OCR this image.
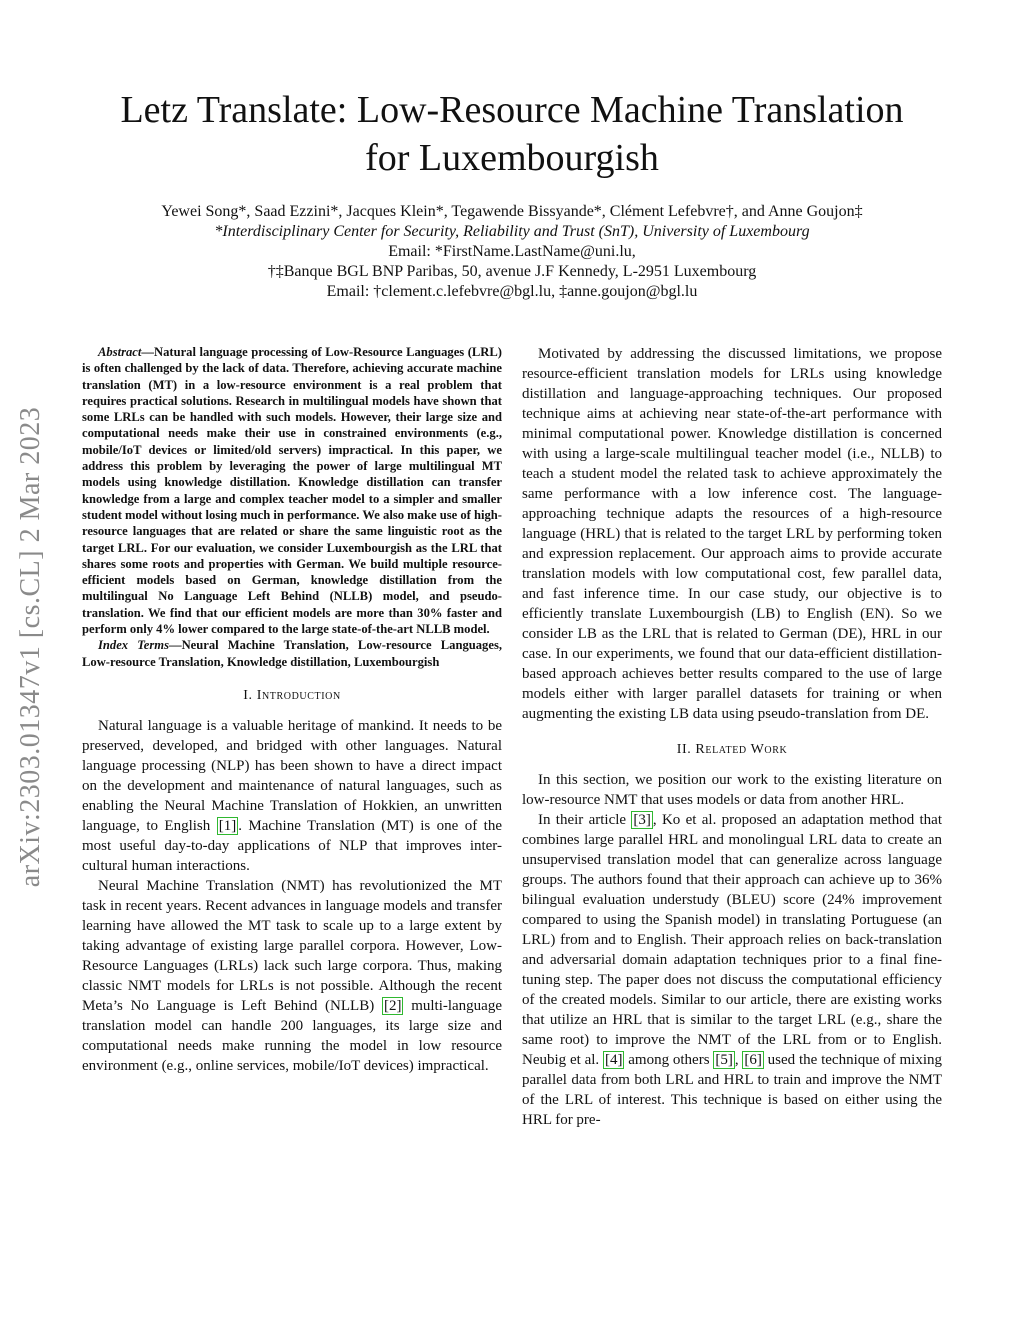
arXiv:2303.01347v1 [cs.CL] 2 Mar 2023
Letz Translate: Low-Resource Machine Translation
for Luxembourgish
Yewei Song*, Saad Ezzini*, Jacques Klein*, Tegawende Bissyande*, Clément Lefebvre†, and Anne Goujon‡
*Interdisciplinary Center for Security, Reliability and Trust (SnT), University of Luxembourg
Email: *FirstName.LastName@uni.lu,
†‡Banque BGL BNP Paribas, 50, avenue J.F Kennedy, L-2951 Luxembourg
Email: †clement.c.lefebvre@bgl.lu, ‡anne.goujon@bgl.lu

Abstract—Natural language processing of Low-Resource Languages (LRL) is often challenged by the lack of data. Therefore, achieving accurate machine translation (MT) in a low-resource environment is a real problem that requires practical solutions. Research in multilingual models have shown that some LRLs can be handled with such models. However, their large size and computational needs make their use in constrained environments (e.g., mobile/IoT devices or limited/old servers) impractical. In this paper, we address this problem by leveraging the power of large multilingual MT models using knowledge distillation. Knowledge distillation can transfer knowledge from a large and complex teacher model to a simpler and smaller student model without losing much in performance. We also make use of high-resource languages that are related or share the same linguistic root as the target LRL. For our evaluation, we consider Luxembourgish as the LRL that shares some roots and properties with German. We build multiple resource-efficient models based on German, knowledge distillation from the multilingual No Language Left Behind (NLLB) model, and pseudo-translation. We find that our efficient models are more than 30% faster and perform only 4% lower compared to the large state-of-the-art NLLB model.

Index Terms—Neural Machine Translation, Low-resource Languages, Low-resource Translation, Knowledge distillation, Luxembourgish

I. Introduction

Natural language is a valuable heritage of mankind. It needs to be preserved, developed, and bridged with other languages. Natural language processing (NLP) has been shown to have a direct impact on the development and maintenance of natural languages, such as enabling the Neural Machine Translation of Hokkien, an unwritten language, to English [1] . Machine Translation (MT) is one of the most useful day-to-day applications of NLP that improves inter-cultural human interactions.

Neural Machine Translation (NMT) has revolutionized the MT task in recent years. Recent advances in language models and transfer learning have allowed the MT task to scale up to a large extent by taking advantage of existing large parallel corpora. However, Low-Resource Languages (LRLs) lack such large corpora. Thus, making classic NMT models for LRLs is not possible. Although the recent Meta’s No Language is Left Behind (NLLB) [2] multi-language translation model can handle 200 languages, its large size and computational needs make running the model in low resource environment (e.g., online services, mobile/IoT devices) impractical.

Motivated by addressing the discussed limitations, we propose resource-efficient translation models for LRLs using knowledge distillation and language-approaching techniques. Our proposed technique aims at achieving near state-of-the-art performance with minimal computational power. Knowledge distillation is concerned with using a large-scale multilingual teacher model (i.e., NLLB) to teach a student model the related task to achieve approximately the same performance with a low inference cost. The language-approaching technique adapts the resources of a high-resource language (HRL) that is related to the target LRL by performing token and expression replacement. Our approach aims to provide accurate translation models with low computational cost, few parallel data, and fast inference time. In our case study, our objective is to efficiently translate Luxembourgish (LB) to English (EN). So we consider LB as the LRL that is related to German (DE), HRL in our case. In our experiments, we found that our data-efficient distillation-based approach achieves better results compared to the use of large models either with larger parallel datasets for training or when augmenting the existing LB data using pseudo-translation from DE.

II. Related Work

In this section, we position our work to the existing literature on low-resource NMT that uses models or data from another HRL.

In their article [3] , Ko et al. proposed an adaptation method that combines large parallel HRL and monolingual LRL data to create an unsupervised translation model that can generalize across language groups. The authors found that their approach can achieve up to 36% bilingual evaluation understudy (BLEU) score (24% improvement compared to using the Spanish model) in translating Portuguese (an LRL) from and to English. Their approach relies on back-translation and adversarial domain adaptation techniques prior to a final fine-tuning step. The paper does not discuss the computational efficiency of the created models. Similar to our article, there are existing works that utilize an HRL that is similar to the target LRL (e.g., share the same root) to improve the NMT of the LRL from or to English. Neubig et al. [4] among others [5] , [6] used the technique of mixing parallel data from both LRL and HRL to train and improve the NMT of the LRL of interest. This technique is based on either using the HRL for pre-
